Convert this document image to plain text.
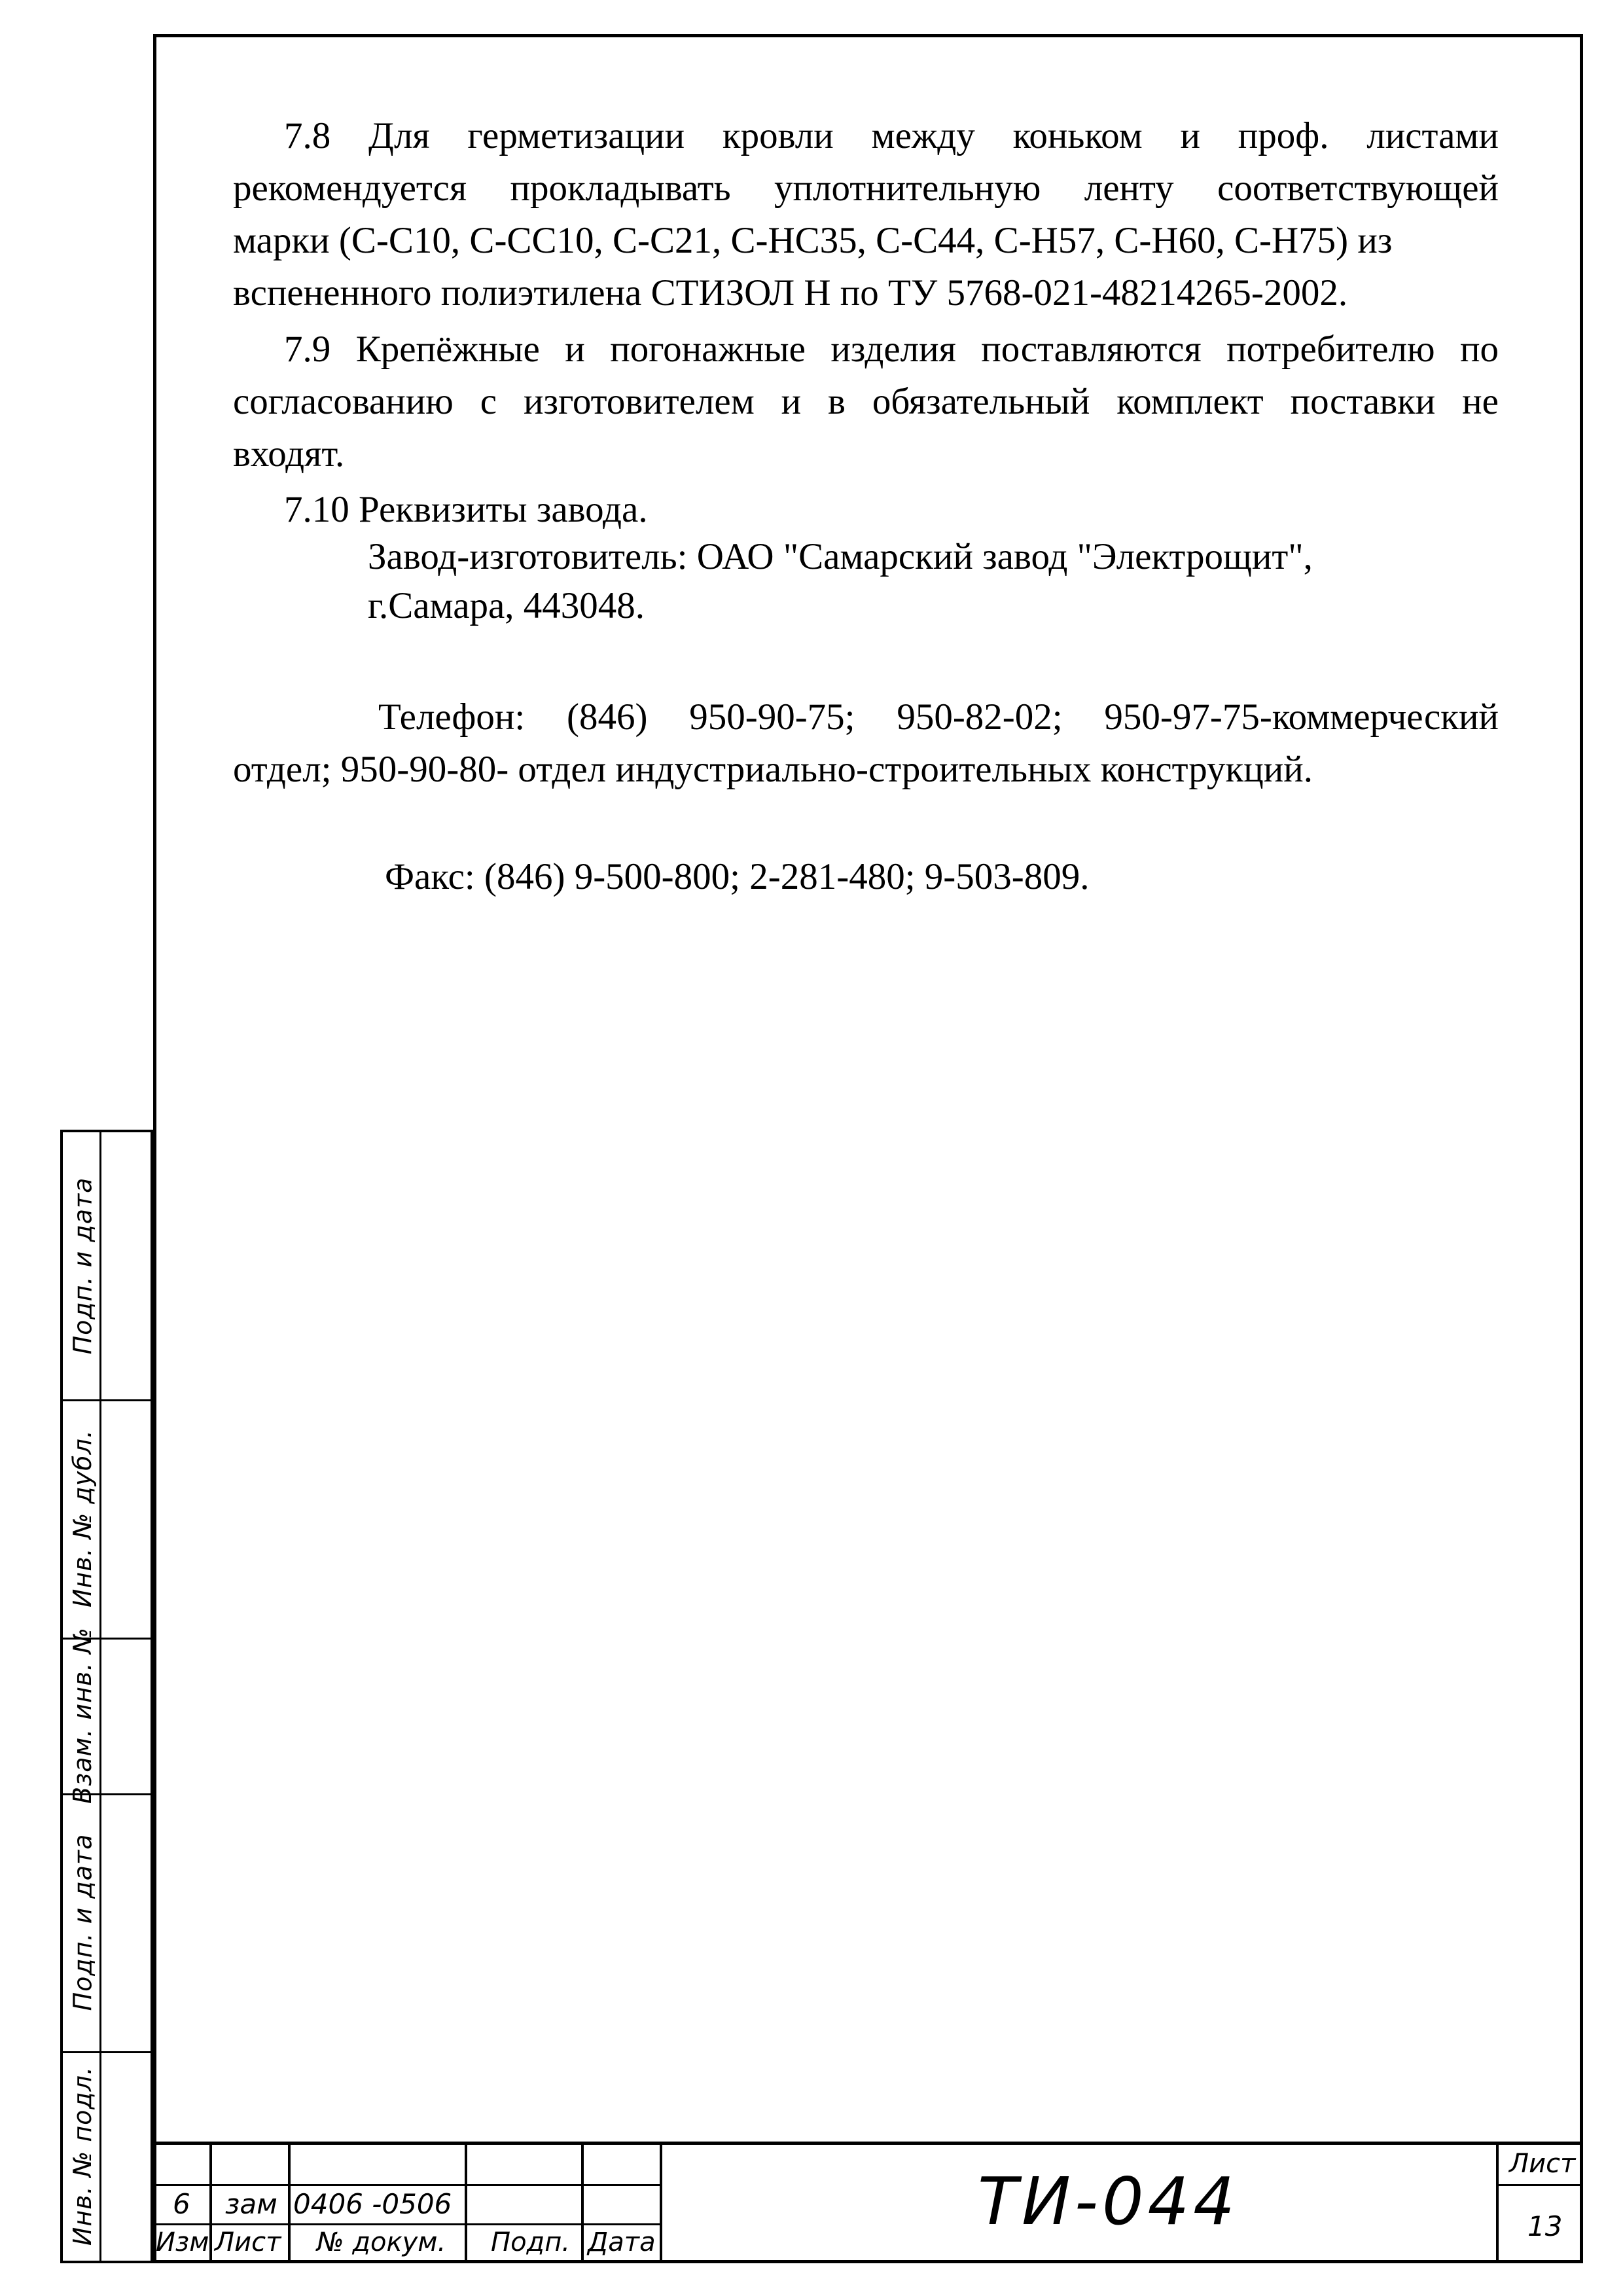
7.8 Для герметизации кровли между коньком и проф. листами

рекомендуется прокладывать уплотнительную ленту соответствующей

марки (С-С10, С-СС10, С-С21, С-НС35, С-С44, С-Н57, С-Н60, С-Н75) из

вспененного полиэтилена СТИЗОЛ Н по ТУ 5768-021-48214265-2002.

7.9 Крепёжные и погонажные изделия поставляются потребителю по

согласованию с изготовителем и в обязательный комплект поставки не

входят.

7.10 Реквизиты завода.

Завод-изготовитель: ОАО "Самарский завод "Электрощит",

г.Самара, 443048.

Телефон: (846) 950-90-75; 950-82-02; 950-97-75-коммерческий

отдел; 950-90-80- отдел индустриально-строительных конструкций.

Факс: (846) 9-500-800; 2-281-480; 9-503-809.

Подп. и дата
Инв. № дубл.
Взам. инв. №
Подп. и дата
Инв. № подл.	6 зам 0406 -0506
Изм Лист № докум. Подп. Дата
ТИ-044	Лист
13
